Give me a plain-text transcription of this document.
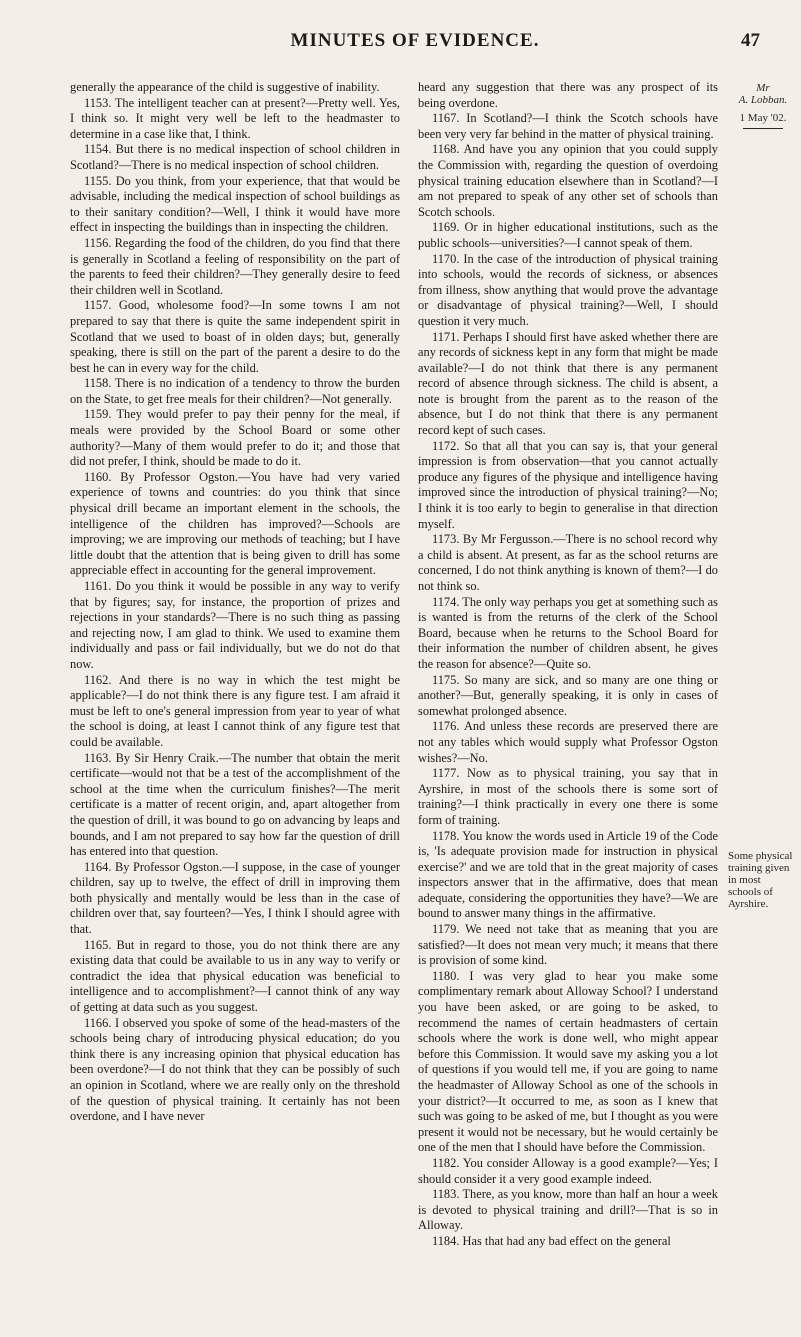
MINUTES OF EVIDENCE.	47

generally the appearance of the child is suggestive of inability.

1153. The intelligent teacher can at present?—Pretty well. Yes, I think so. It might very well be left to the headmaster to determine in a case like that, I think.

1154. But there is no medical inspection of school children in Scotland?—There is no medical inspection of school children.

1155. Do you think, from your experience, that that would be advisable, including the medical inspection of school buildings as to their sanitary condition?—Well, I think it would have more effect in inspecting the buildings than in inspecting the children.

1156. Regarding the food of the children, do you find that there is generally in Scotland a feeling of responsibility on the part of the parents to feed their children?—They generally desire to feed their children well in Scotland.

1157. Good, wholesome food?—In some towns I am not prepared to say that there is quite the same independent spirit in Scotland that we used to boast of in olden days; but, generally speaking, there is still on the part of the parent a desire to do the best he can in every way for the child.

1158. There is no indication of a tendency to throw the burden on the State, to get free meals for their children?—Not generally.

1159. They would prefer to pay their penny for the meal, if meals were provided by the School Board or some other authority?—Many of them would prefer to do it; and those that did not prefer, I think, should be made to do it.

1160. By Professor Ogston.—You have had very varied experience of towns and countries: do you think that since physical drill became an important element in the schools, the intelligence of the children has improved?—Schools are improving; we are improving our methods of teaching; but I have little doubt that the attention that is being given to drill has some appreciable effect in accounting for the general improvement.

1161. Do you think it would be possible in any way to verify that by figures; say, for instance, the proportion of prizes and rejections in your standards?—There is no such thing as passing and rejecting now, I am glad to think. We used to examine them individually and pass or fail individually, but we do not do that now.

1162. And there is no way in which the test might be applicable?—I do not think there is any figure test. I am afraid it must be left to one's general impression from year to year of what the school is doing, at least I cannot think of any figure test that could be available.

1163. By Sir Henry Craik.—The number that obtain the merit certificate—would not that be a test of the accomplishment of the school at the time when the curriculum finishes?—The merit certificate is a matter of recent origin, and, apart altogether from the question of drill, it was bound to go on advancing by leaps and bounds, and I am not prepared to say how far the question of drill has entered into that question.

1164. By Professor Ogston.—I suppose, in the case of younger children, say up to twelve, the effect of drill in improving them both physically and mentally would be less than in the case of children over that, say fourteen?—Yes, I think I should agree with that.

1165. But in regard to those, you do not think there are any existing data that could be available to us in any way to verify or contradict the idea that physical education was beneficial to intelligence and to accomplishment?—I cannot think of any way of getting at data such as you suggest.

1166. I observed you spoke of some of the head-masters of the schools being chary of introducing physical education; do you think there is any increasing opinion that physical education has been overdone?—I do not think that they can be possibly of such an opinion in Scotland, where we are really only on the threshold of the question of physical training. It certainly has not been overdone, and I have never

heard any suggestion that there was any prospect of its being overdone.

1167. In Scotland?—I think the Scotch schools have been very very far behind in the matter of physical training.

1168. And have you any opinion that you could supply the Commission with, regarding the question of overdoing physical training education elsewhere than in Scotland?—I am not prepared to speak of any other set of schools than Scotch schools.

1169. Or in higher educational institutions, such as the public schools—universities?—I cannot speak of them.

1170. In the case of the introduction of physical training into schools, would the records of sickness, or absences from illness, show anything that would prove the advantage or disadvantage of physical training?—Well, I should question it very much.

1171. Perhaps I should first have asked whether there are any records of sickness kept in any form that might be made available?—I do not think that there is any permanent record of absence through sickness. The child is absent, a note is brought from the parent as to the reason of the absence, but I do not think that there is any permanent record kept of such cases.

1172. So that all that you can say is, that your general impression is from observation—that you cannot actually produce any figures of the physique and intelligence having improved since the introduction of physical training?—No; I think it is too early to begin to generalise in that direction myself.

1173. By Mr Fergusson.—There is no school record why a child is absent. At present, as far as the school returns are concerned, I do not think anything is known of them?—I do not think so.

1174. The only way perhaps you get at something such as is wanted is from the returns of the clerk of the School Board, because when he returns to the School Board for their information the number of children absent, he gives the reason for absence?—Quite so.

1175. So many are sick, and so many are one thing or another?—But, generally speaking, it is only in cases of somewhat prolonged absence.

1176. And unless these records are preserved there are not any tables which would supply what Professor Ogston wishes?—No.

1177. Now as to physical training, you say that in Ayrshire, in most of the schools there is some sort of training?—I think practically in every one there is some form of training.

1178. You know the words used in Article 19 of the Code is, 'Is adequate provision made for instruction in physical exercise?' and we are told that in the great majority of cases inspectors answer that in the affirmative, does that mean adequate, considering the opportunities they have?—We are bound to answer many things in the affirmative.

1179. We need not take that as meaning that you are satisfied?—It does not mean very much; it means that there is provision of some kind.

1180. I was very glad to hear you make some complimentary remark about Alloway School? I understand you have been asked, or are going to be asked, to recommend the names of certain headmasters of certain schools where the work is done well, who might appear before this Commission. It would save my asking you a lot of questions if you would tell me, if you are going to name the headmaster of Alloway School as one of the schools in your district?—It occurred to me, as soon as I knew that such was going to be asked of me, but I thought as you were present it would not be necessary, but he would certainly be one of the men that I should have before the Commission.

1182. You consider Alloway is a good example?—Yes; I should consider it a very good example indeed.

1183. There, as you know, more than half an hour a week is devoted to physical training and drill?—That is so in Alloway.

1184. Has that had any bad effect on the general

Mr
A. Lobban.
1 May '02.
Some physical
training given
in most
schools of
Ayrshire.
